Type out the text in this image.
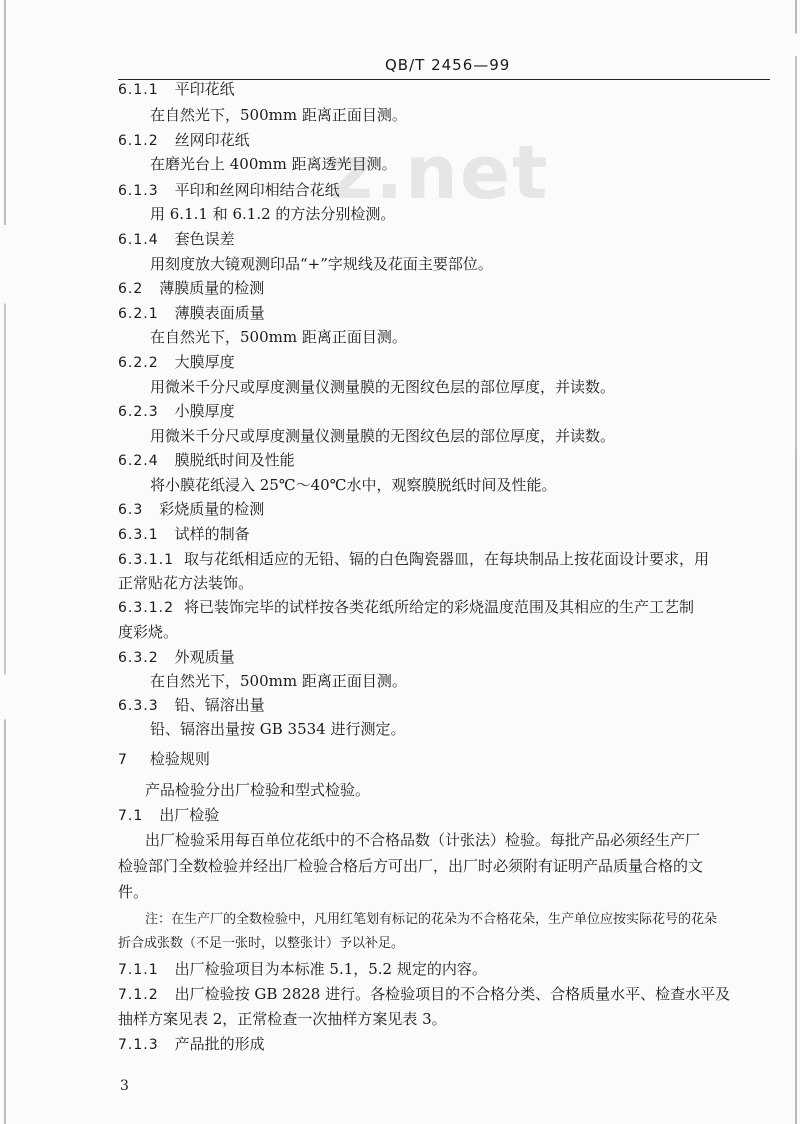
z.net
QB/T 2456—99
6.1.1 平印花纸
在自然光下，500mm 距离正面目测。
6.1.2 丝网印花纸
在磨光台上 400mm 距离透光目测。
6.1.3 平印和丝网印相结合花纸
用 6.1.1 和 6.1.2 的方法分别检测。
6.1.4 套色误差
用刻度放大镜观测印品“+”字规线及花面主要部位。
6.2 薄膜质量的检测
6.2.1 薄膜表面质量
在自然光下，500mm 距离正面目测。
6.2.2 大膜厚度
用微米千分尺或厚度测量仪测量膜的无图纹色层的部位厚度，并读数。
6.2.3 小膜厚度
用微米千分尺或厚度测量仪测量膜的无图纹色层的部位厚度，并读数。
6.2.4 膜脱纸时间及性能
将小膜花纸浸入 25℃～40℃水中，观察膜脱纸时间及性能。
6.3 彩烧质量的检测
6.3.1 试样的制备
6.3.1.1 取与花纸相适应的无铅、镉的白色陶瓷器皿，在每块制品上按花面设计要求，用
正常贴花方法装饰。
6.3.1.2 将已装饰完毕的试样按各类花纸所给定的彩烧温度范围及其相应的生产工艺制
度彩烧。
6.3.2 外观质量
在自然光下，500mm 距离正面目测。
6.3.3 铅、镉溶出量
铅、镉溶出量按 GB 3534 进行测定。
7 检验规则
产品检验分出厂检验和型式检验。
7.1 出厂检验
出厂检验采用每百单位花纸中的不合格品数（计张法）检验。每批产品必须经生产厂
检验部门全数检验并经出厂检验合格后方可出厂，出厂时必须附有证明产品质量合格的文
件。
注：在生产厂的全数检验中，凡用红笔划有标记的花朵为不合格花朵，生产单位应按实际花号的花朵
折合成张数（不足一张时，以整张计）予以补足。
7.1.1 出厂检验项目为本标准 5.1，5.2 规定的内容。
7.1.2 出厂检验按 GB 2828 进行。各检验项目的不合格分类、合格质量水平、检查水平及
抽样方案见表 2，正常检查一次抽样方案见表 3。
7.1.3 产品批的形成
3
